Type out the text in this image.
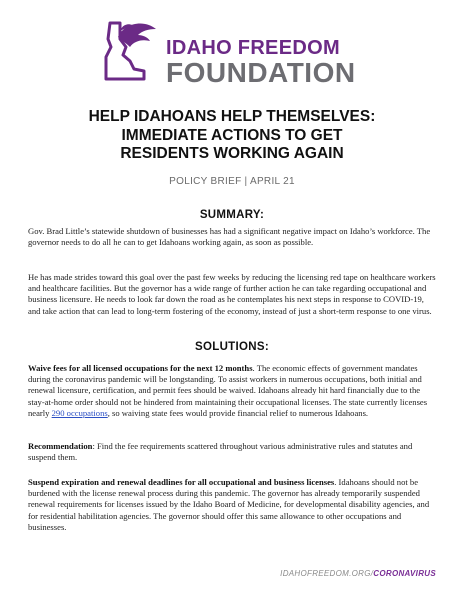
IDAHO FREEDOM
FOUNDATION
HELP IDAHOANS HELP THEMSELVES:
IMMEDIATE ACTIONS TO GET
RESIDENTS WORKING AGAIN
POLICY BRIEF | APRIL 21
SUMMARY:
Gov. Brad Little’s statewide shutdown of businesses has had a significant negative impact on Idaho’s workforce. The governor needs to do all he can to get Idahoans working again, as soon as possible.
He has made strides toward this goal over the past few weeks by reducing the licensing red tape on healthcare workers and healthcare facilities. But the governor has a wide range of further action he can take regarding occupational and business licensure. He needs to look far down the road as he contemplates his next steps in response to COVID-19, and take action that can lead to long-term fostering of the economy, instead of just a short-term response to one virus.
SOLUTIONS:
Waive fees for all licensed occupations for the next 12 months. The economic effects of government mandates during the coronavirus pandemic will be longstanding. To assist workers in numerous occupations, both initial and renewal licensure, certification, and permit fees should be waived. Idahoans already hit hard financially due to the stay-at-home order should not be hindered from maintaining their occupational licenses. The state currently licenses nearly 290 occupations, so waiving state fees would provide financial relief to numerous Idahoans.
Recommendation: Find the fee requirements scattered throughout various administrative rules and statutes and suspend them.
Suspend expiration and renewal deadlines for all occupational and business licenses. Idahoans should not be burdened with the license renewal process during this pandemic. The governor has already temporarily suspended renewal requirements for licenses issued by the Idaho Board of Medicine, for developmental disability agencies, and for residential habilitation agencies. The governor should offer this same allowance to other occupations and businesses.
IDAHOFREEDOM.ORG/CORONAVIRUS
